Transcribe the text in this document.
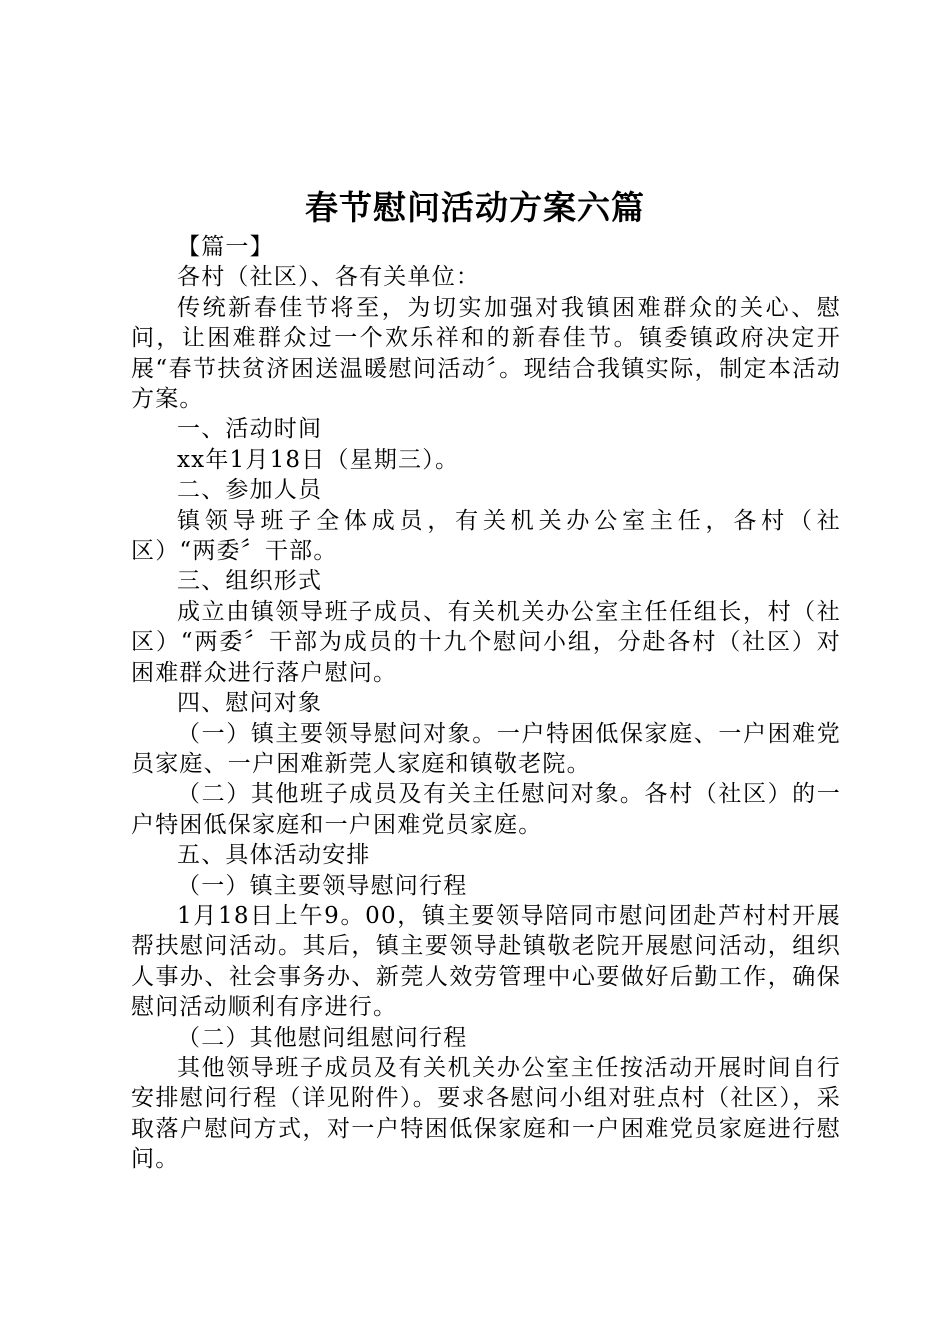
春节慰问活动方案六篇

【篇一】

各村（社区）、各有关单位：

传统新春佳节将至，为切实加强对我镇困难群众的关心、慰问，让困难群众过一个欢乐祥和的新春佳节。镇委镇政府决定开展“春节扶贫济困送温暖慰问活动〞。现结合我镇实际，制定本活动方案。

一、活动时间

xx年1月18日（星期三）。

二、参加人员

镇领导班子全体成员，有关机关办公室主任，各村（社区）“两委〞干部。

三、组织形式

成立由镇领导班子成员、有关机关办公室主任任组长，村（社区）“两委〞干部为成员的十九个慰问小组，分赴各村（社区）对困难群众进行落户慰问。

四、慰问对象

（一）镇主要领导慰问对象。一户特困低保家庭、一户困难党员家庭、一户困难新莞人家庭和镇敬老院。

（二）其他班子成员及有关主任慰问对象。各村（社区）的一户特困低保家庭和一户困难党员家庭。

五、具体活动安排

（一）镇主要领导慰问行程

1月18日上午9。00，镇主要领导陪同市慰问团赴芦村村开展帮扶慰问活动。其后，镇主要领导赴镇敬老院开展慰问活动，组织人事办、社会事务办、新莞人效劳管理中心要做好后勤工作，确保慰问活动顺利有序进行。

（二）其他慰问组慰问行程

其他领导班子成员及有关机关办公室主任按活动开展时间自行安排慰问行程（详见附件）。要求各慰问小组对驻点村（社区），采取落户慰问方式，对一户特困低保家庭和一户困难党员家庭进行慰问。
